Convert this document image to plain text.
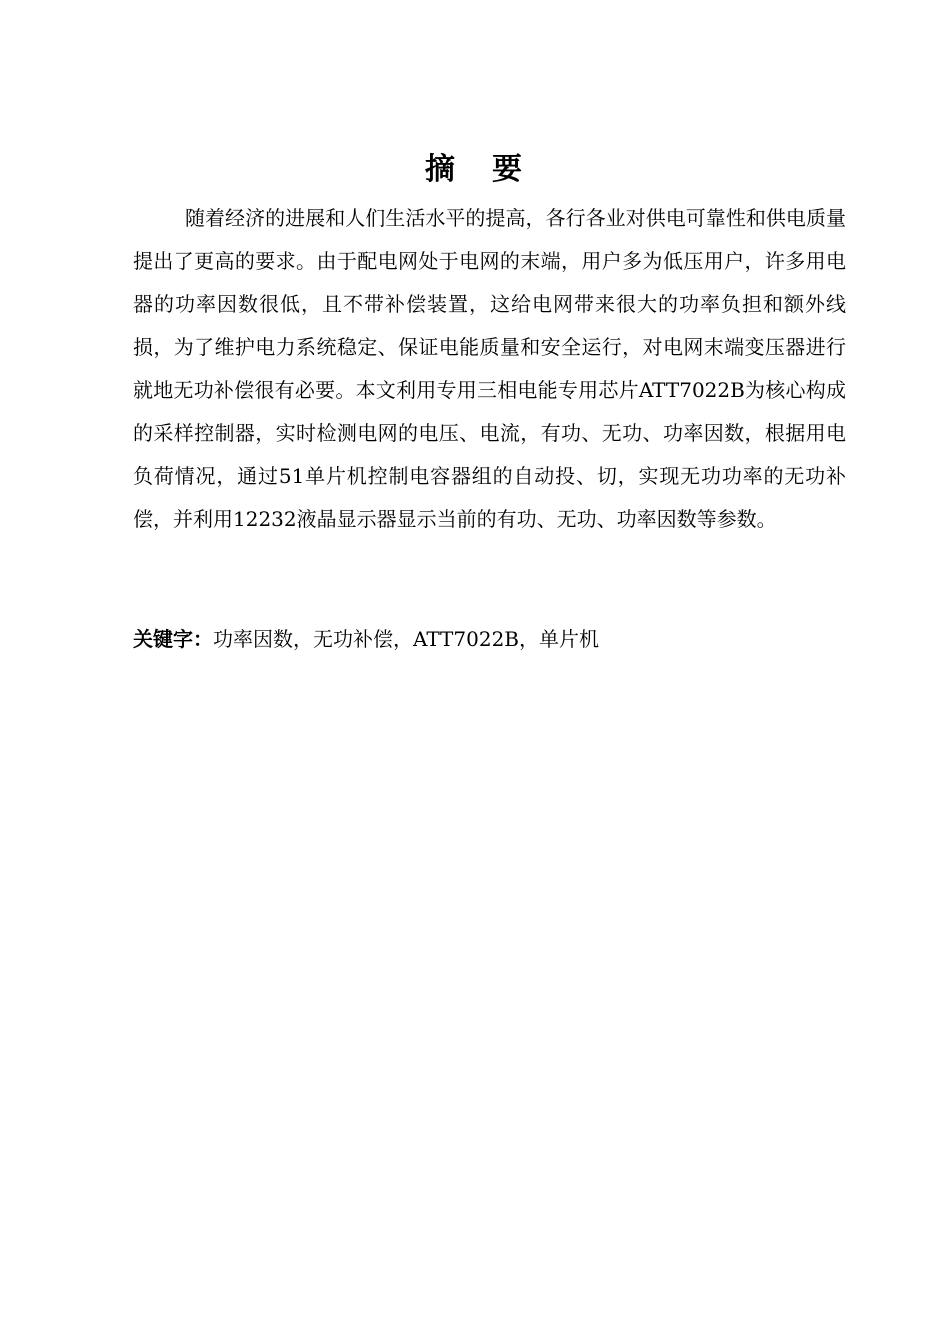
摘 要

随着经济的进展和人们生活水平的提高，各行各业对供电可靠性和供电质量提出了更高的要求。由于配电网处于电网的末端，用户多为低压用户，许多用电器的功率因数很低，且不带补偿装置，这给电网带来很大的功率负担和额外线损，为了维护电力系统稳定、保证电能质量和安全运行，对电网末端变压器进行就地无功补偿很有必要。本文利用专用三相电能专用芯片ATT7022B为核心构成的采样控制器，实时检测电网的电压、电流，有功、无功、功率因数，根据用电负荷情况，通过51单片机控制电容器组的自动投、切，实现无功功率的无功补偿，并利用12232液晶显示器显示当前的有功、无功、功率因数等参数。

关键字：功率因数，无功补偿，ATT7022B，单片机
